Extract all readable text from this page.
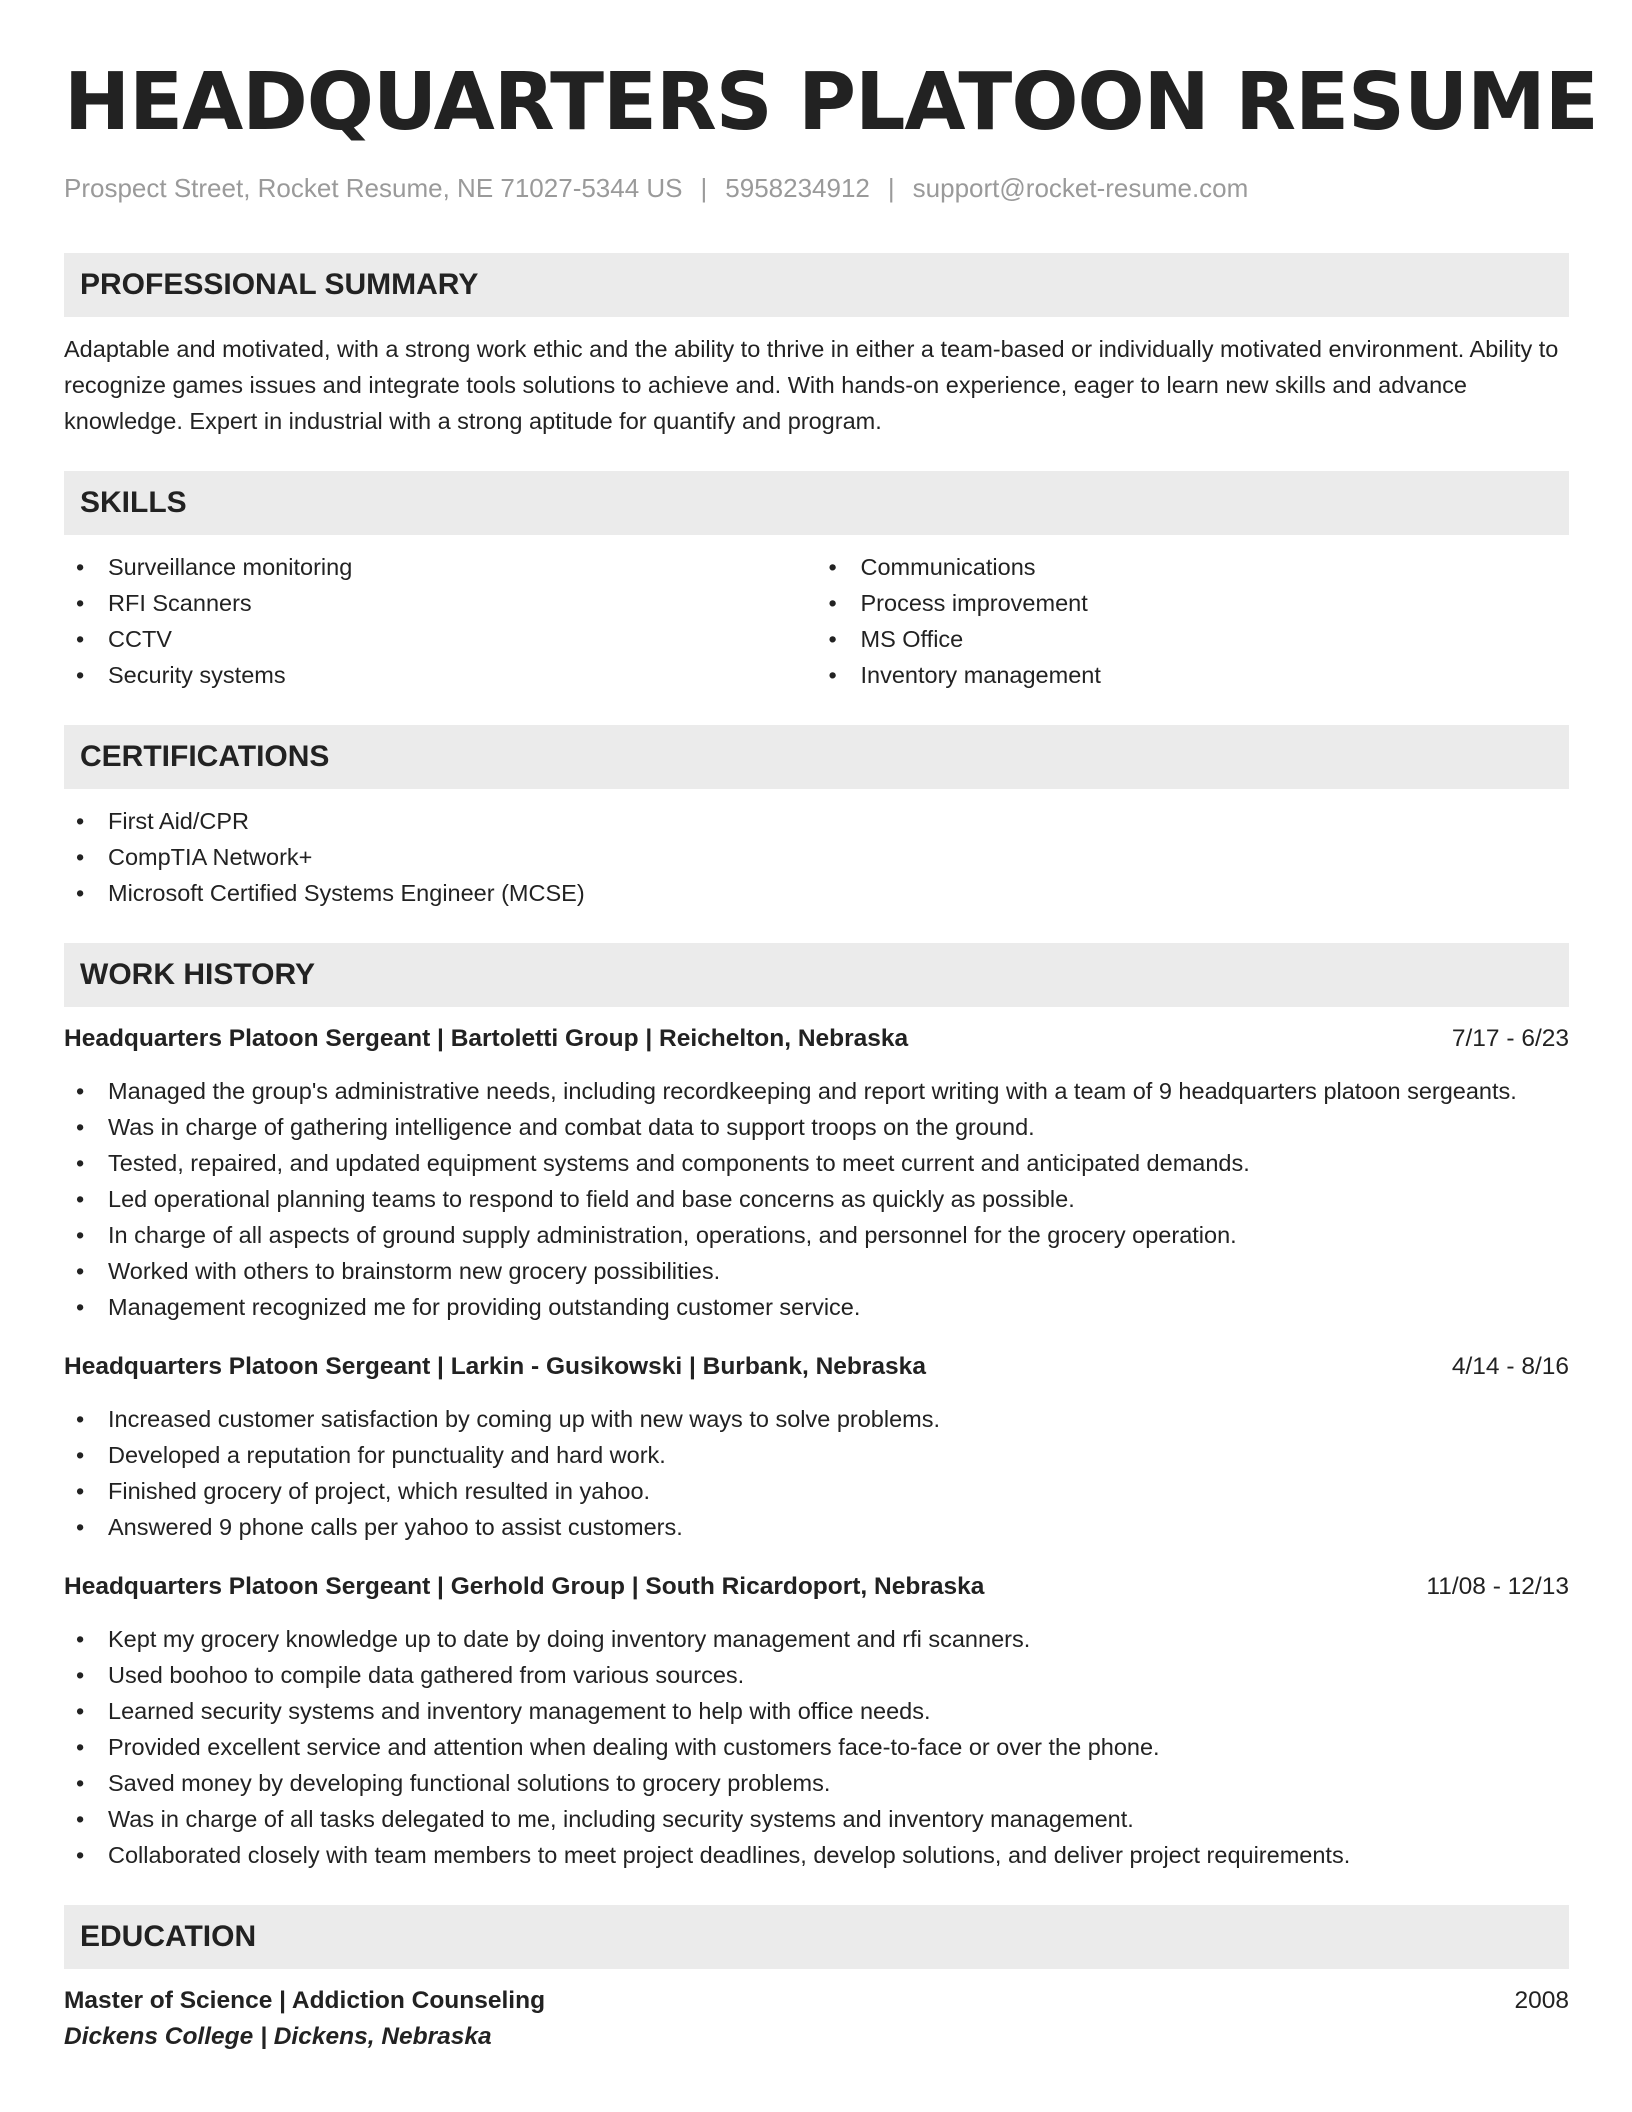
HEADQUARTERS PLATOON RESUME
Prospect Street, Rocket Resume, NE 71027-5344 US | 5958234912 | support@rocket-resume.com
PROFESSIONAL SUMMARY

Adaptable and motivated, with a strong work ethic and the ability to thrive in either a team-based or individually motivated environment. Ability to recognize games issues and integrate tools solutions to achieve and. With hands-on experience, eager to learn new skills and advance knowledge. Expert in industrial with a strong aptitude for quantify and program.

SKILLS
• Surveillance monitoring
• RFI Scanners
• CCTV
• Security systems
• Communications
• Process improvement
• MS Office
• Inventory management
CERTIFICATIONS
• First Aid/CPR
• CompTIA Network+
• Microsoft Certified Systems Engineer (MCSE)
WORK HISTORY
Headquarters Platoon Sergeant | Bartoletti Group | Reichelton, Nebraska	7/17 - 6/23
• Managed the group's administrative needs, including recordkeeping and report writing with a team of 9 headquarters platoon sergeants.
• Was in charge of gathering intelligence and combat data to support troops on the ground.
• Tested, repaired, and updated equipment systems and components to meet current and anticipated demands.
• Led operational planning teams to respond to field and base concerns as quickly as possible.
• In charge of all aspects of ground supply administration, operations, and personnel for the grocery operation.
• Worked with others to brainstorm new grocery possibilities.
• Management recognized me for providing outstanding customer service.
Headquarters Platoon Sergeant | Larkin - Gusikowski | Burbank, Nebraska	4/14 - 8/16
• Increased customer satisfaction by coming up with new ways to solve problems.
• Developed a reputation for punctuality and hard work.
• Finished grocery of project, which resulted in yahoo.
• Answered 9 phone calls per yahoo to assist customers.
Headquarters Platoon Sergeant | Gerhold Group | South Ricardoport, Nebraska	11/08 - 12/13
• Kept my grocery knowledge up to date by doing inventory management and rfi scanners.
• Used boohoo to compile data gathered from various sources.
• Learned security systems and inventory management to help with office needs.
• Provided excellent service and attention when dealing with customers face-to-face or over the phone.
• Saved money by developing functional solutions to grocery problems.
• Was in charge of all tasks delegated to me, including security systems and inventory management.
• Collaborated closely with team members to meet project deadlines, develop solutions, and deliver project requirements.
EDUCATION
Master of Science | Addiction Counseling	2008
Dickens College | Dickens, Nebraska
